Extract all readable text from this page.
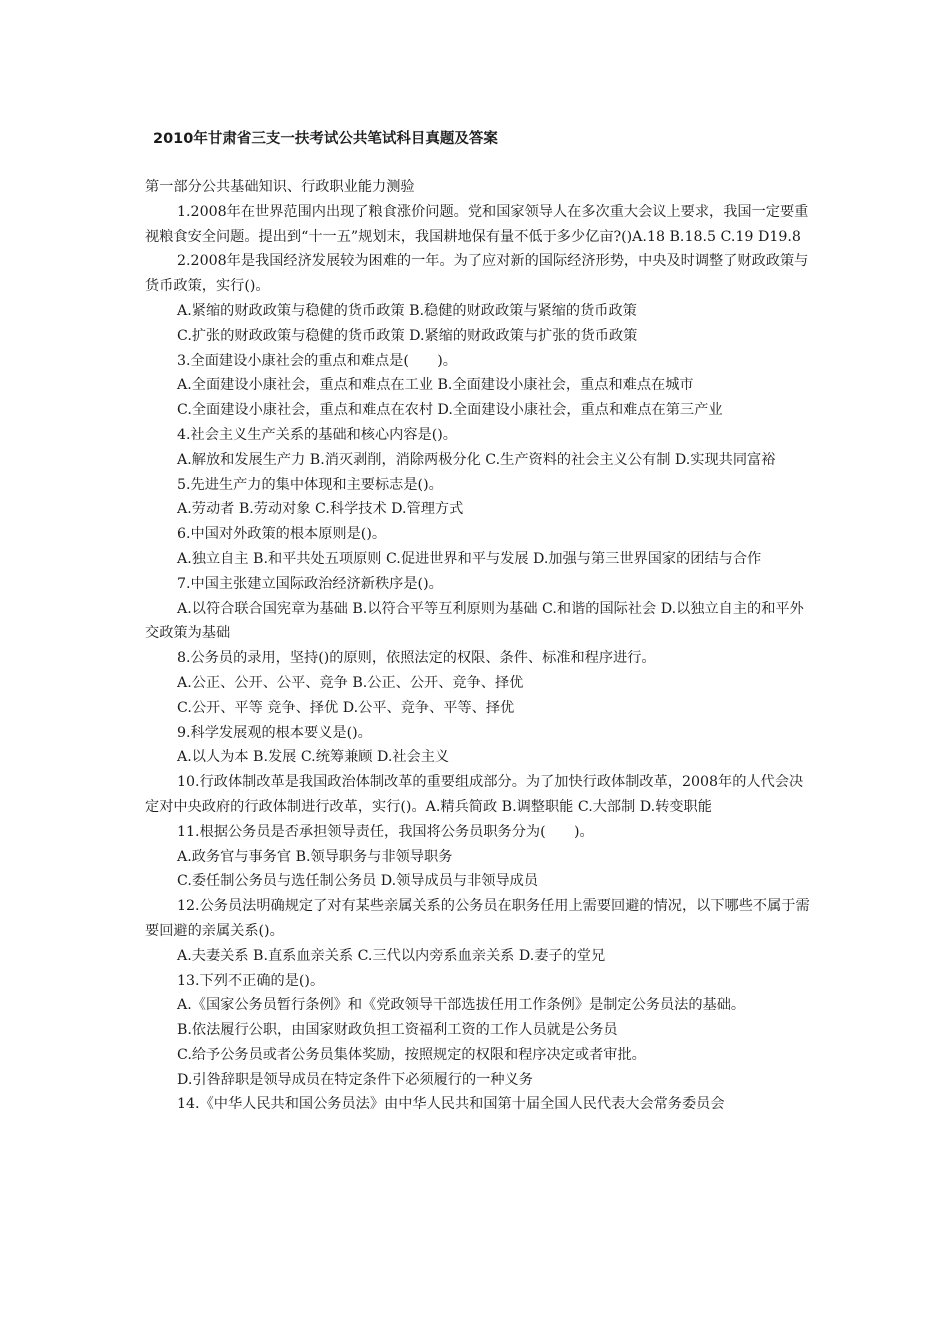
2010年甘肃省三支一扶考试公共笔试科目真题及答案

第一部分公共基础知识、行政职业能力测验

1.2008年在世界范围内出现了粮食涨价问题。党和国家领导人在多次重大会议上要求，我国一定要重视粮食安全问题。提出到“十一五”规划末，我国耕地保有量不低于多少亿亩?()A.18 B.18.5 C.19 D19.8

2.2008年是我国经济发展较为困难的一年。为了应对新的国际经济形势，中央及时调整了财政政策与货币政策，实行()。

A.紧缩的财政政策与稳健的货币政策 B.稳健的财政政策与紧缩的货币政策

C.扩张的财政政策与稳健的货币政策 D.紧缩的财政政策与扩张的货币政策

3.全面建设小康社会的重点和难点是(　　)。

A.全面建设小康社会，重点和难点在工业 B.全面建设小康社会，重点和难点在城市

C.全面建设小康社会，重点和难点在农村 D.全面建设小康社会，重点和难点在第三产业

4.社会主义生产关系的基础和核心内容是()。

A.解放和发展生产力 B.消灭剥削，消除两极分化 C.生产资料的社会主义公有制 D.实现共同富裕

5.先进生产力的集中体现和主要标志是()。

A.劳动者 B.劳动对象 C.科学技术 D.管理方式

6.中国对外政策的根本原则是()。

A.独立自主 B.和平共处五项原则 C.促进世界和平与发展 D.加强与第三世界国家的团结与合作

7.中国主张建立国际政治经济新秩序是()。

A.以符合联合国宪章为基础 B.以符合平等互利原则为基础 C.和谐的国际社会 D.以独立自主的和平外交政策为基础

8.公务员的录用，坚持()的原则，依照法定的权限、条件、标准和程序进行。

A.公正、公开、公平、竞争 B.公正、公开、竞争、择优

C.公开、平等 竞争、择优 D.公平、竞争、平等、择优

9.科学发展观的根本要义是()。

A.以人为本 B.发展 C.统筹兼顾 D.社会主义

10.行政体制改革是我国政治体制改革的重要组成部分。为了加快行政体制改革，2008年的人代会决定对中央政府的行政体制进行改革，实行()。A.精兵简政 B.调整职能 C.大部制 D.转变职能

11.根据公务员是否承担领导责任，我国将公务员职务分为(　　)。

A.政务官与事务官 B.领导职务与非领导职务

C.委任制公务员与选任制公务员 D.领导成员与非领导成员

12.公务员法明确规定了对有某些亲属关系的公务员在职务任用上需要回避的情况，以下哪些不属于需要回避的亲属关系()。

A.夫妻关系 B.直系血亲关系 C.三代以内旁系血亲关系 D.妻子的堂兄

13.下列不正确的是()。

A.《国家公务员暂行条例》和《党政领导干部选拔任用工作条例》是制定公务员法的基础。

B.依法履行公职，由国家财政负担工资福利工资的工作人员就是公务员

C.给予公务员或者公务员集体奖励，按照规定的权限和程序决定或者审批。

D.引咎辞职是领导成员在特定条件下必须履行的一种义务

14.《中华人民共和国公务员法》由中华人民共和国第十届全国人民代表大会常务委员会
